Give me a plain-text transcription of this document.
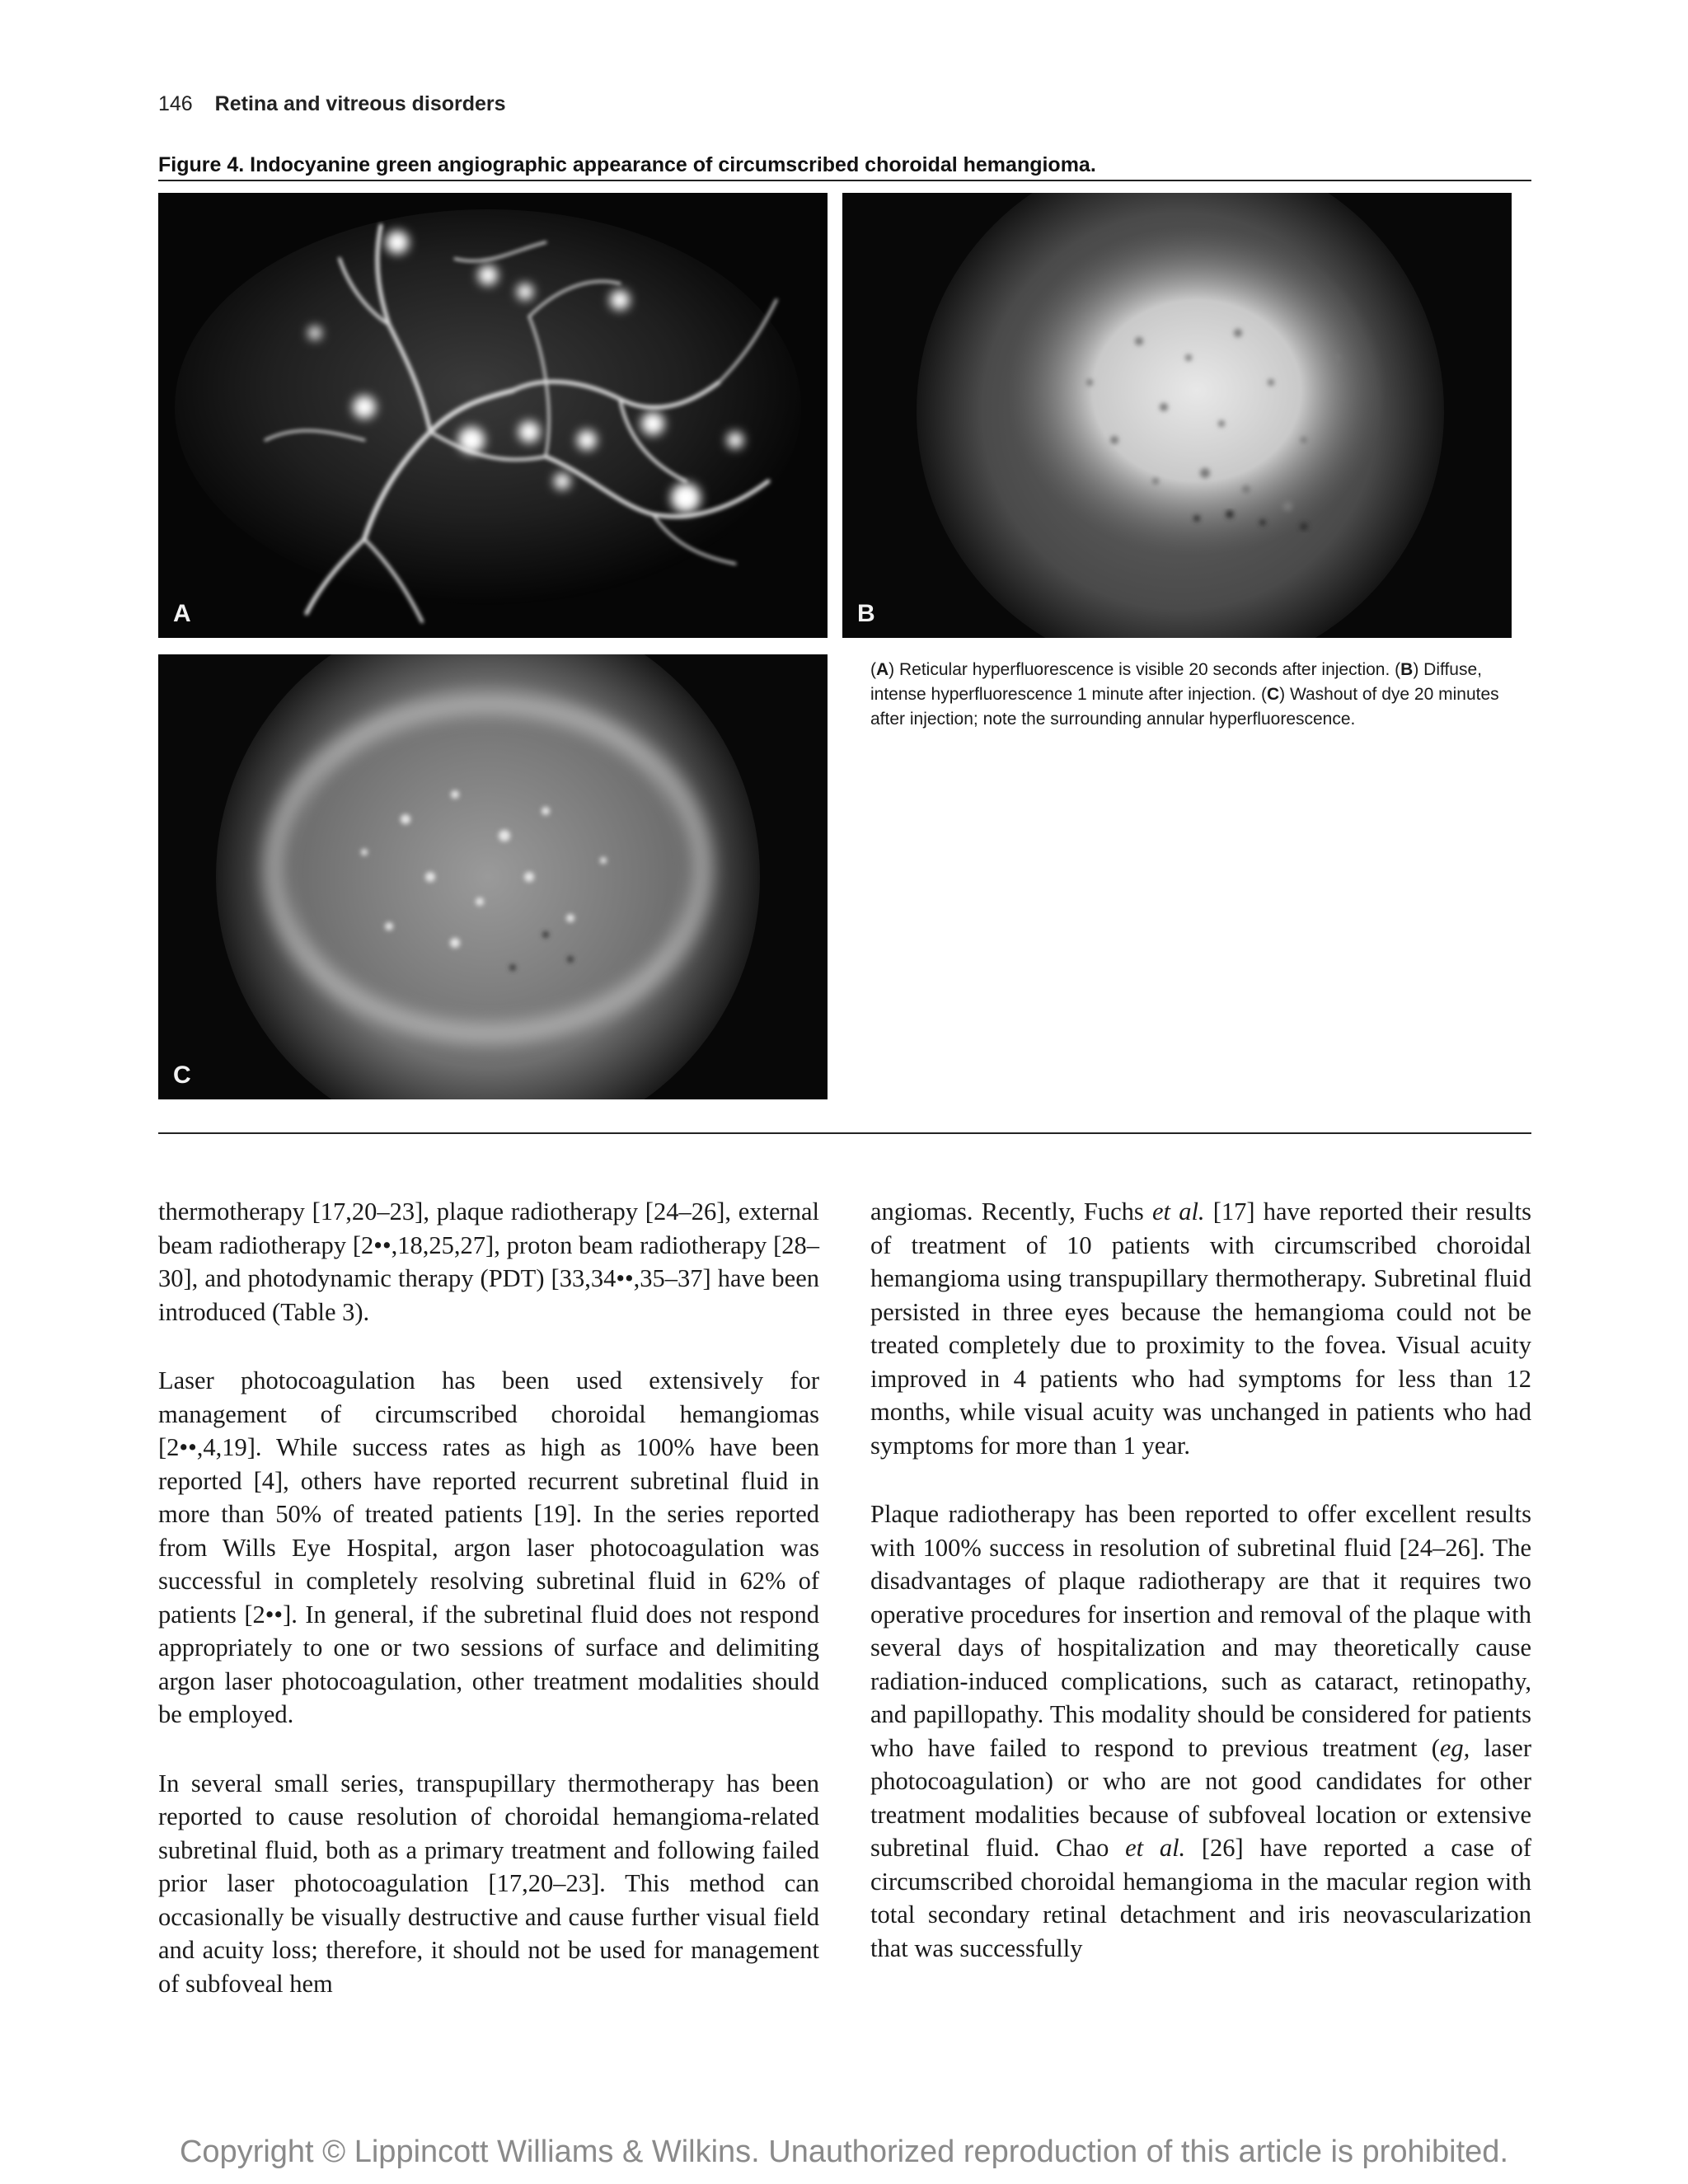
146 Retina and vitreous disorders
Figure 4. Indocyanine green angiographic appearance of circumscribed choroidal hemangioma.
A	B
C
(A) Reticular hyperfluorescence is visible 20 seconds after injection. (B) Diffuse, intense hyperfluorescence 1 minute after injection. (C) Washout of dye 20 minutes after injection; note the surrounding annular hyperfluorescence.

thermotherapy [17,20–23], plaque radiotherapy [24–26], external beam radiotherapy [2••,18,25,27], proton beam radiotherapy [28–30], and photodynamic therapy (PDT) [33,34••,35–37] have been introduced (Table 3).

Laser photocoagulation has been used extensively for management of circumscribed choroidal hemangiomas [2••,4,19]. While success rates as high as 100% have been reported [4], others have reported recurrent subretinal fluid in more than 50% of treated patients [19]. In the series reported from Wills Eye Hospital, argon laser photocoagulation was successful in completely resolving subretinal fluid in 62% of patients [2••]. In general, if the subretinal fluid does not respond appropriately to one or two sessions of surface and delimiting argon laser photocoagulation, other treatment modalities should be employed.

In several small series, transpupillary thermotherapy has been reported to cause resolution of choroidal hemangioma-related subretinal fluid, both as a primary treatment and following failed prior laser photocoagulation [17,20–23]. This method can occasionally be visually destructive and cause further visual field and acuity loss; therefore, it should not be used for management of subfoveal hem

angiomas. Recently, Fuchs et al. [17] have reported their results of treatment of 10 patients with circumscribed choroidal hemangioma using transpupillary thermotherapy. Subretinal fluid persisted in three eyes because the hemangioma could not be treated completely due to proximity to the fovea. Visual acuity improved in 4 patients who had symptoms for less than 12 months, while visual acuity was unchanged in patients who had symptoms for more than 1 year.

Plaque radiotherapy has been reported to offer excellent results with 100% success in resolution of subretinal fluid [24–26]. The disadvantages of plaque radiotherapy are that it requires two operative procedures for insertion and removal of the plaque with several days of hospitalization and may theoretically cause radiation-induced complications, such as cataract, retinopathy, and papillopathy. This modality should be considered for patients who have failed to respond to previous treatment (eg, laser photocoagulation) or who are not good candidates for other treatment modalities because of subfoveal location or extensive subretinal fluid. Chao et al. [26] have reported a case of circumscribed choroidal hemangioma in the macular region with total secondary retinal detachment and iris neovascularization that was successfully

Copyright © Lippincott Williams & Wilkins. Unauthorized reproduction of this article is prohibited.
